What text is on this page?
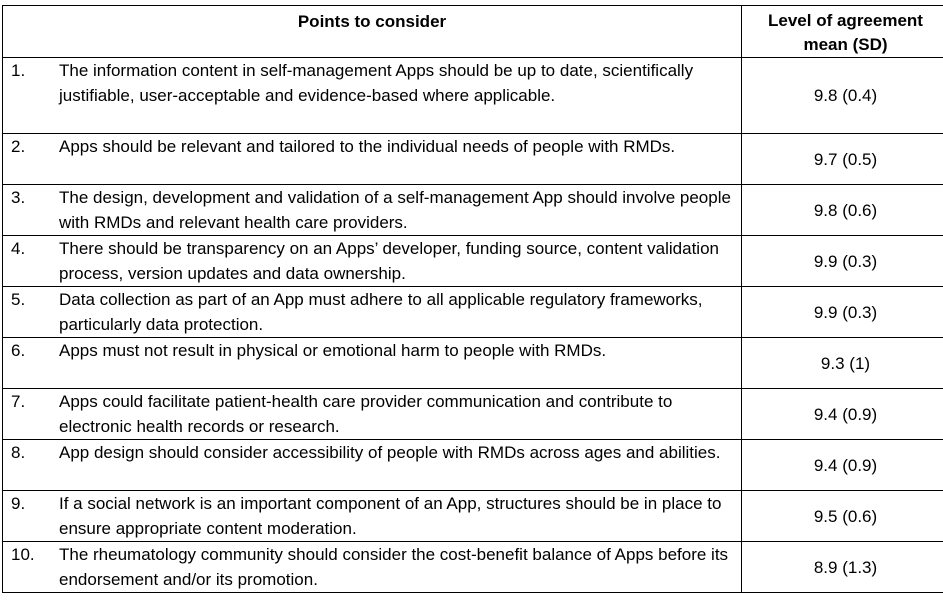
Points to consider	Level of agreement
mean (SD)

1. The information content in self-management Apps should be up to date, scientifically justifiable, user-acceptable and evidence-based where applicable.	9.8 (0.4)

2. Apps should be relevant and tailored to the individual needs of people with RMDs.	9.7 (0.5)

3. The design, development and validation of a self-management App should involve people with RMDs and relevant health care providers.	9.8 (0.6)

4. There should be transparency on an Apps’ developer, funding source, content validation process, version updates and data ownership.	9.9 (0.3)

5. Data collection as part of an App must adhere to all applicable regulatory frameworks, particularly data protection.	9.9 (0.3)

6. Apps must not result in physical or emotional harm to people with RMDs.	9.3 (1)

7. Apps could facilitate patient-health care provider communication and contribute to electronic health records or research.	9.4 (0.9)

8. App design should consider accessibility of people with RMDs across ages and abilities.	9.4 (0.9)

9. If a social network is an important component of an App, structures should be in place to ensure appropriate content moderation.	9.5 (0.6)

10. The rheumatology community should consider the cost-benefit balance of Apps before its endorsement and/or its promotion.	8.9 (1.3)
